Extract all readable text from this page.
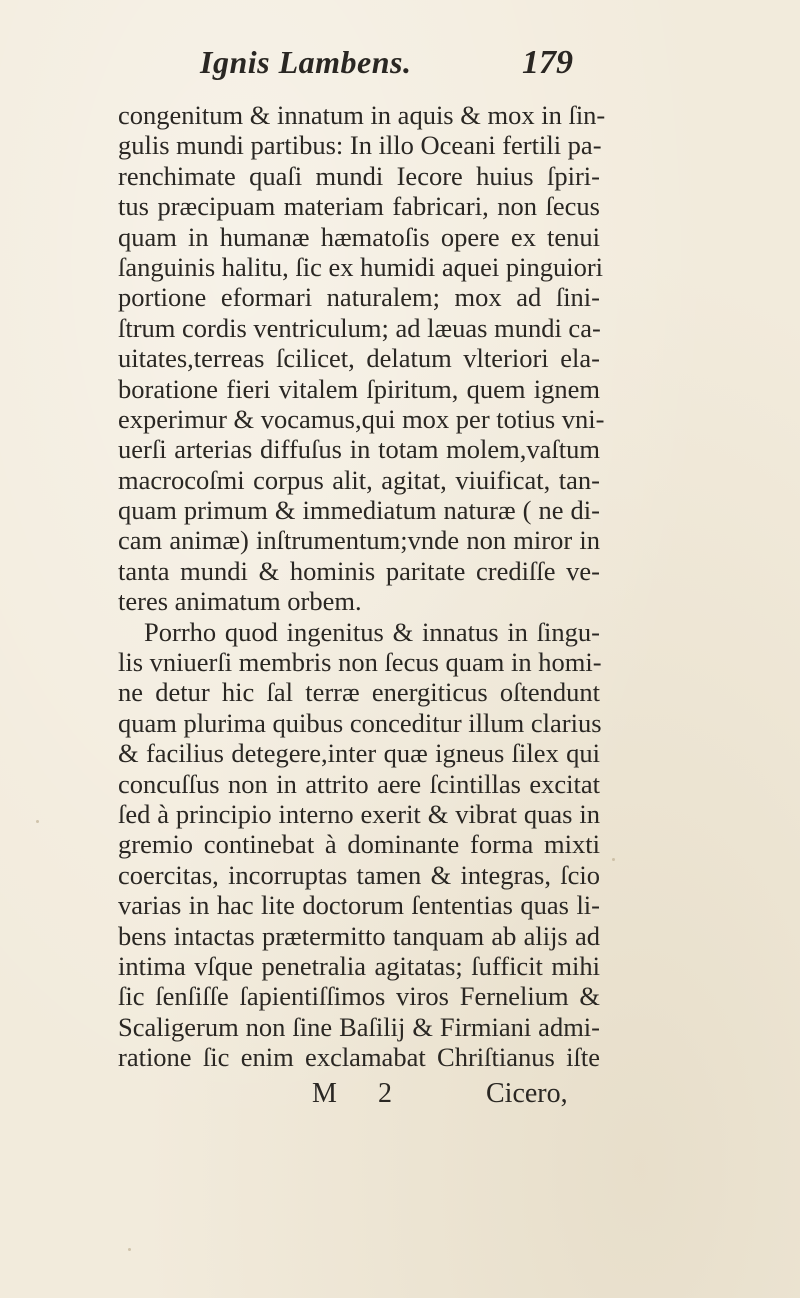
Ignis Lambens.	179
congenitum & innatum in aquis & mox in ſin-
gulis mundi partibus: In illo Oceani fertili pa-
renchimate quaſi mundi Iecore huius ſpiri-
tus præcipuam materiam fabricari, non ſecus
quam in humanæ hæmatoſis opere ex tenui
ſanguinis halitu, ſic ex humidi aquei pinguiori
portione eformari naturalem; mox ad ſini-
ſtrum cordis ventriculum; ad læuas mundi ca-
uitates,terreas ſcilicet, delatum vlteriori ela-
boratione fieri vitalem ſpiritum, quem ignem
experimur & vocamus,qui mox per totius vni-
uerſi arterias diffuſus in totam molem,vaſtum
macrocoſmi corpus alit, agitat, viuificat, tan-
quam primum & immediatum naturæ ( ne di-
cam animæ) inſtrumentum;vnde non miror in
tanta mundi & hominis paritate crediſſe ve-
teres animatum orbem.
Porrho quod ingenitus & innatus in ſingu-
lis vniuerſi membris non ſecus quam in homi-
ne detur hic ſal terræ energiticus oſtendunt
quam plurima quibus conceditur illum clarius
& facilius detegere,inter quæ igneus ſilex qui
concuſſus non in attrito aere ſcintillas excitat
ſed à principio interno exerit & vibrat quas in
gremio continebat à dominante forma mixti
coercitas, incorruptas tamen & integras, ſcio
varias in hac lite doctorum ſententias quas li-
bens intactas prætermitto tanquam ab alijs ad
intima vſque penetralia agitatas; ſufficit mihi
ſic ſenſiſſe ſapientiſſimos viros Fernelium &
Scaligerum non ſine Baſilij & Firmiani admi-
ratione ſic enim exclamabat Chriſtianus iſte
M 2	Cicero,
